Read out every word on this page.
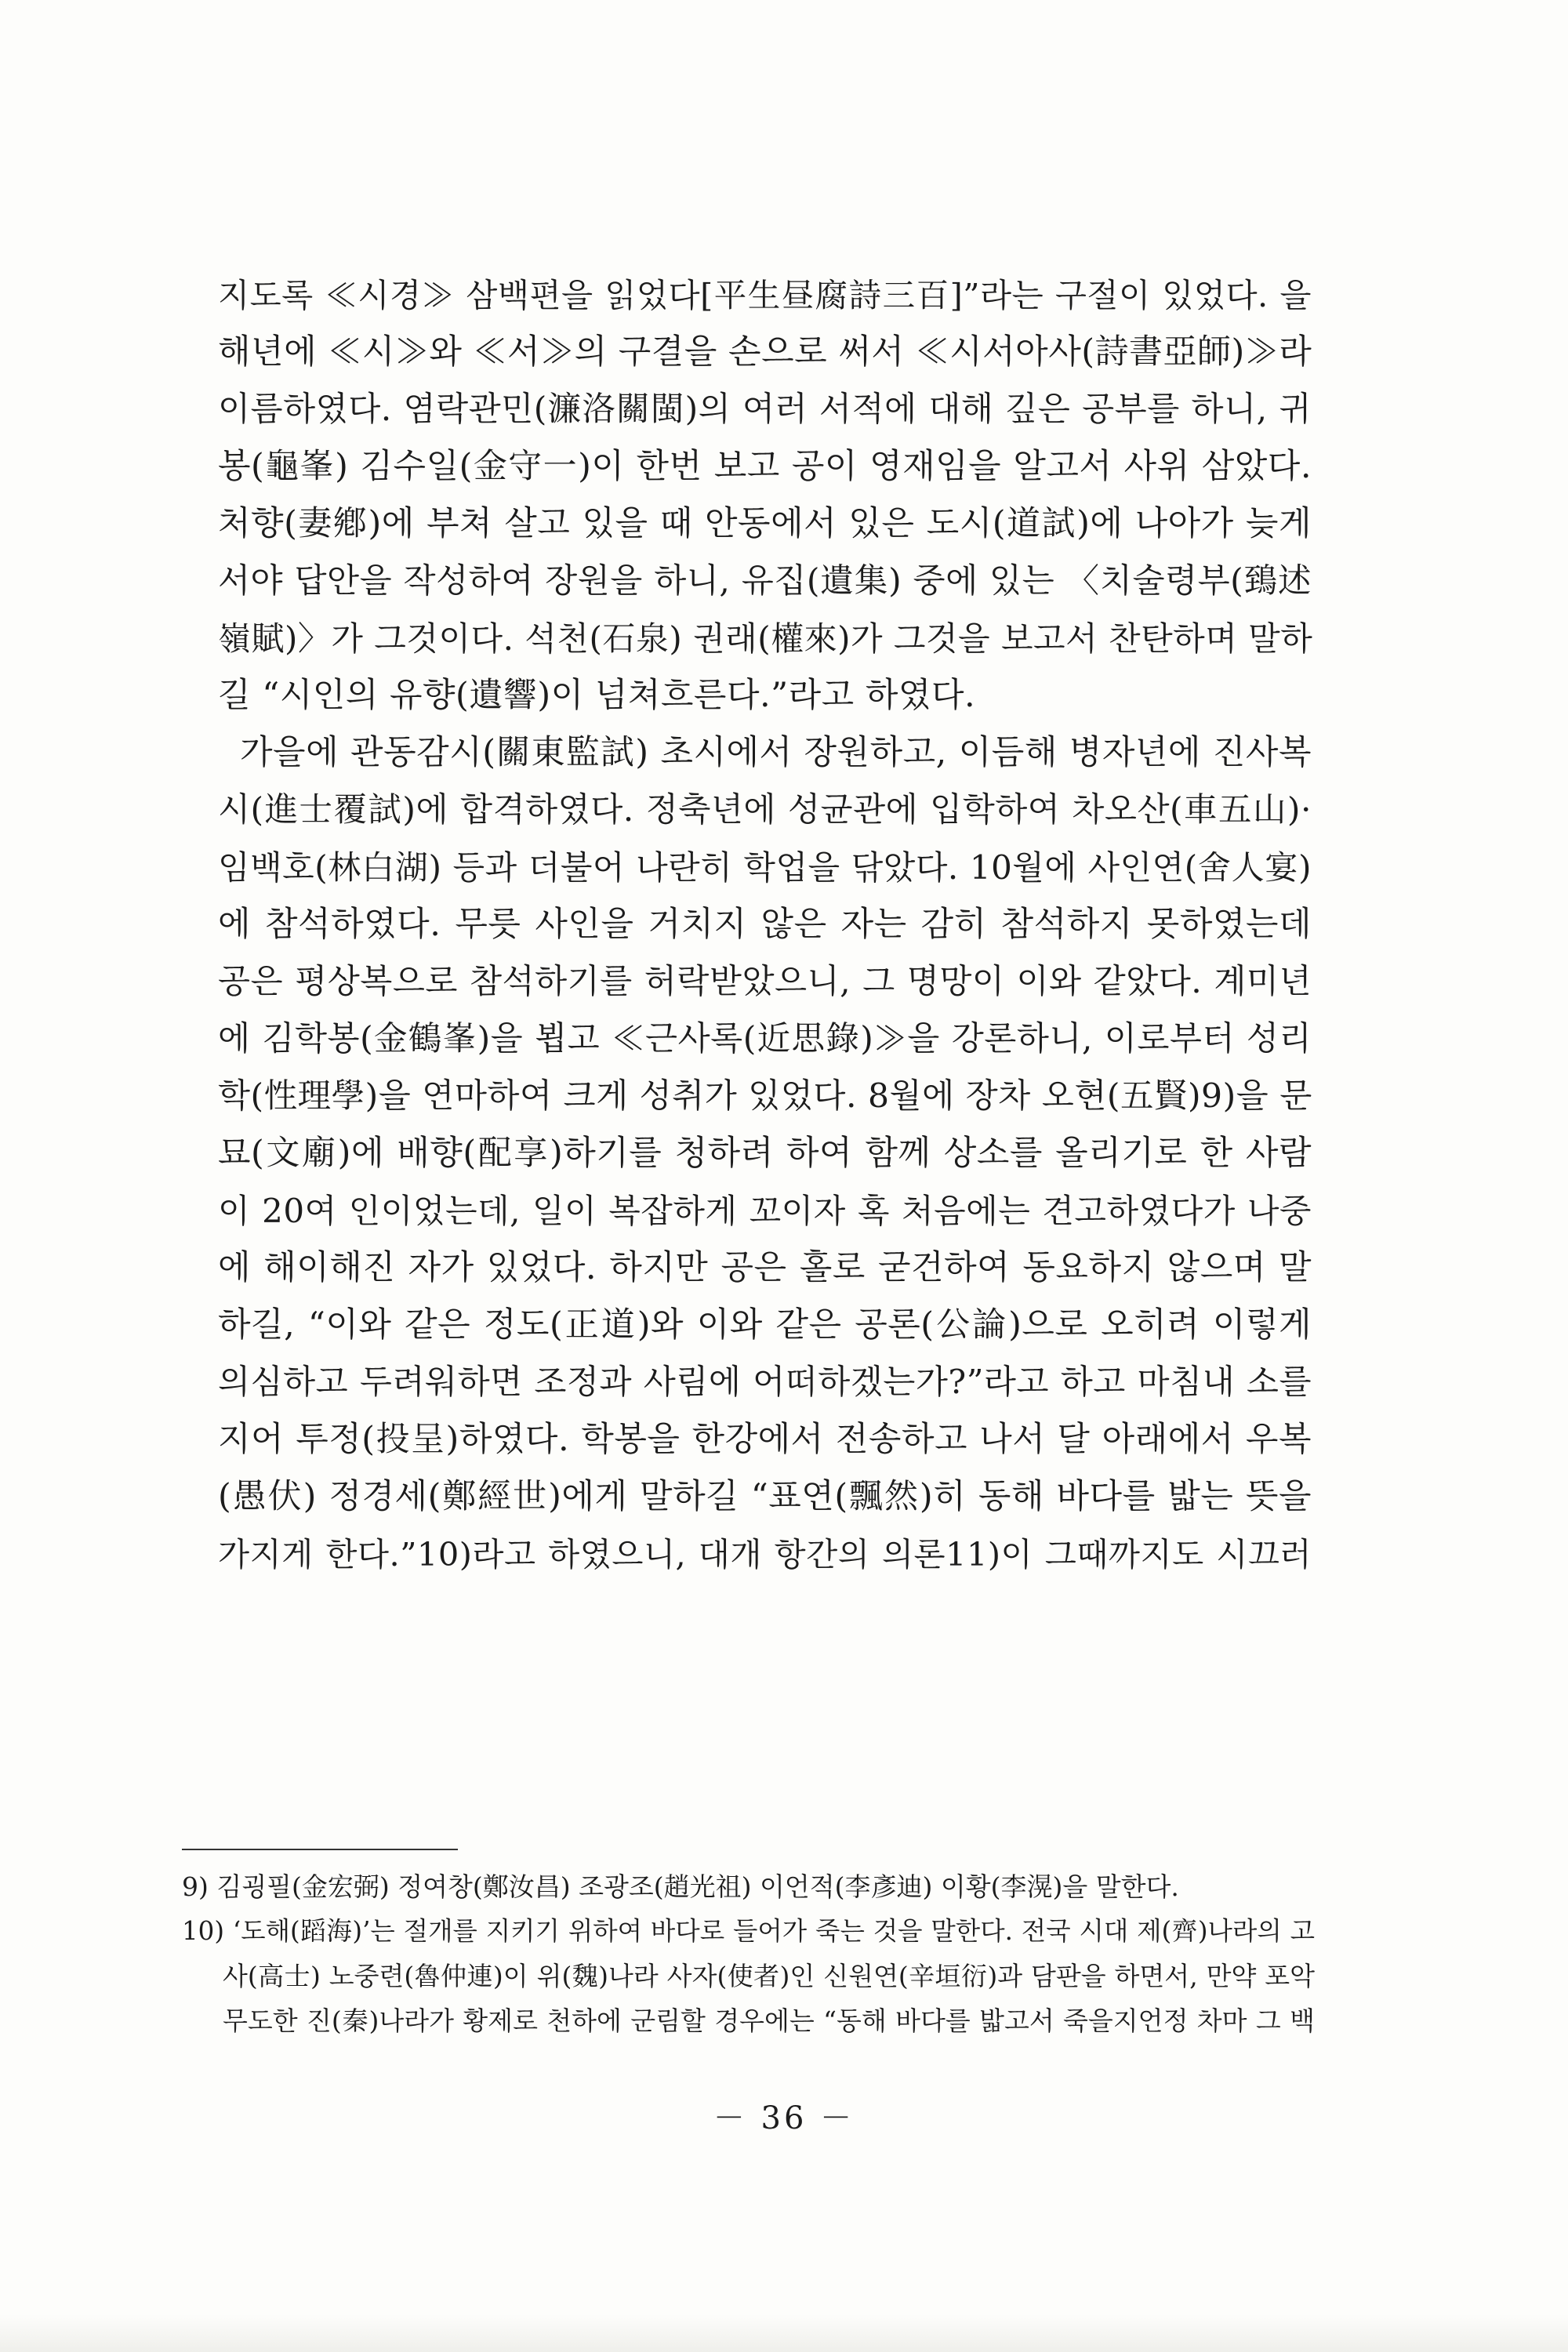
지도록 ≪시경≫ 삼백편을 읽었다[平生昼腐詩三百]”라는 구절이 있었다. 을
해년에 ≪시≫와 ≪서≫의 구결을 손으로 써서 ≪시서아사(詩書亞師)≫라
이름하였다. 염락관민(濂洛關閩)의 여러 서적에 대해 깊은 공부를 하니, 귀
봉(龜峯) 김수일(金守一)이 한번 보고 공이 영재임을 알고서 사위 삼았다.
처향(妻鄕)에 부쳐 살고 있을 때 안동에서 있은 도시(道試)에 나아가 늦게
서야 답안을 작성하여 장원을 하니, 유집(遺集) 중에 있는 〈치술령부(鵄述
嶺賦)〉가 그것이다. 석천(石泉) 권래(權來)가 그것을 보고서 찬탄하며 말하
길 “시인의 유향(遺響)이 넘쳐흐른다.”라고 하였다.
가을에 관동감시(關東監試) 초시에서 장원하고, 이듬해 병자년에 진사복
시(進士覆試)에 합격하였다. 정축년에 성균관에 입학하여 차오산(車五山)·
임백호(林白湖) 등과 더불어 나란히 학업을 닦았다. 10월에 사인연(舍人宴)
에 참석하였다. 무릇 사인을 거치지 않은 자는 감히 참석하지 못하였는데
공은 평상복으로 참석하기를 허락받았으니, 그 명망이 이와 같았다. 계미년
에 김학봉(金鶴峯)을 뵙고 ≪근사록(近思錄)≫을 강론하니, 이로부터 성리
학(性理學)을 연마하여 크게 성취가 있었다. 8월에 장차 오현(五賢)9)을 문
묘(文廟)에 배향(配享)하기를 청하려 하여 함께 상소를 올리기로 한 사람
이 20여 인이었는데, 일이 복잡하게 꼬이자 혹 처음에는 견고하였다가 나중
에 해이해진 자가 있었다. 하지만 공은 홀로 굳건하여 동요하지 않으며 말
하길, “이와 같은 정도(正道)와 이와 같은 공론(公論)으로 오히려 이렇게
의심하고 두려워하면 조정과 사림에 어떠하겠는가?”라고 하고 마침내 소를
지어 투정(投呈)하였다. 학봉을 한강에서 전송하고 나서 달 아래에서 우복
(愚伏) 정경세(鄭經世)에게 말하길 “표연(飄然)히 동해 바다를 밟는 뜻을
가지게 한다.”10)라고 하였으니, 대개 항간의 의론11)이 그때까지도 시끄러
9) 김굉필(金宏弼) 정여창(鄭汝昌) 조광조(趙光祖) 이언적(李彥迪) 이황(李滉)을 말한다.
10) ‘도해(蹈海)’는 절개를 지키기 위하여 바다로 들어가 죽는 것을 말한다. 전국 시대 제(齊)나라의 고
사(高士) 노중련(魯仲連)이 위(魏)나라 사자(使者)인 신원연(辛垣衍)과 담판을 하면서, 만약 포악
무도한 진(秦)나라가 황제로 천하에 군림할 경우에는 “동해 바다를 밟고서 죽을지언정 차마 그 백
－ 36 －
